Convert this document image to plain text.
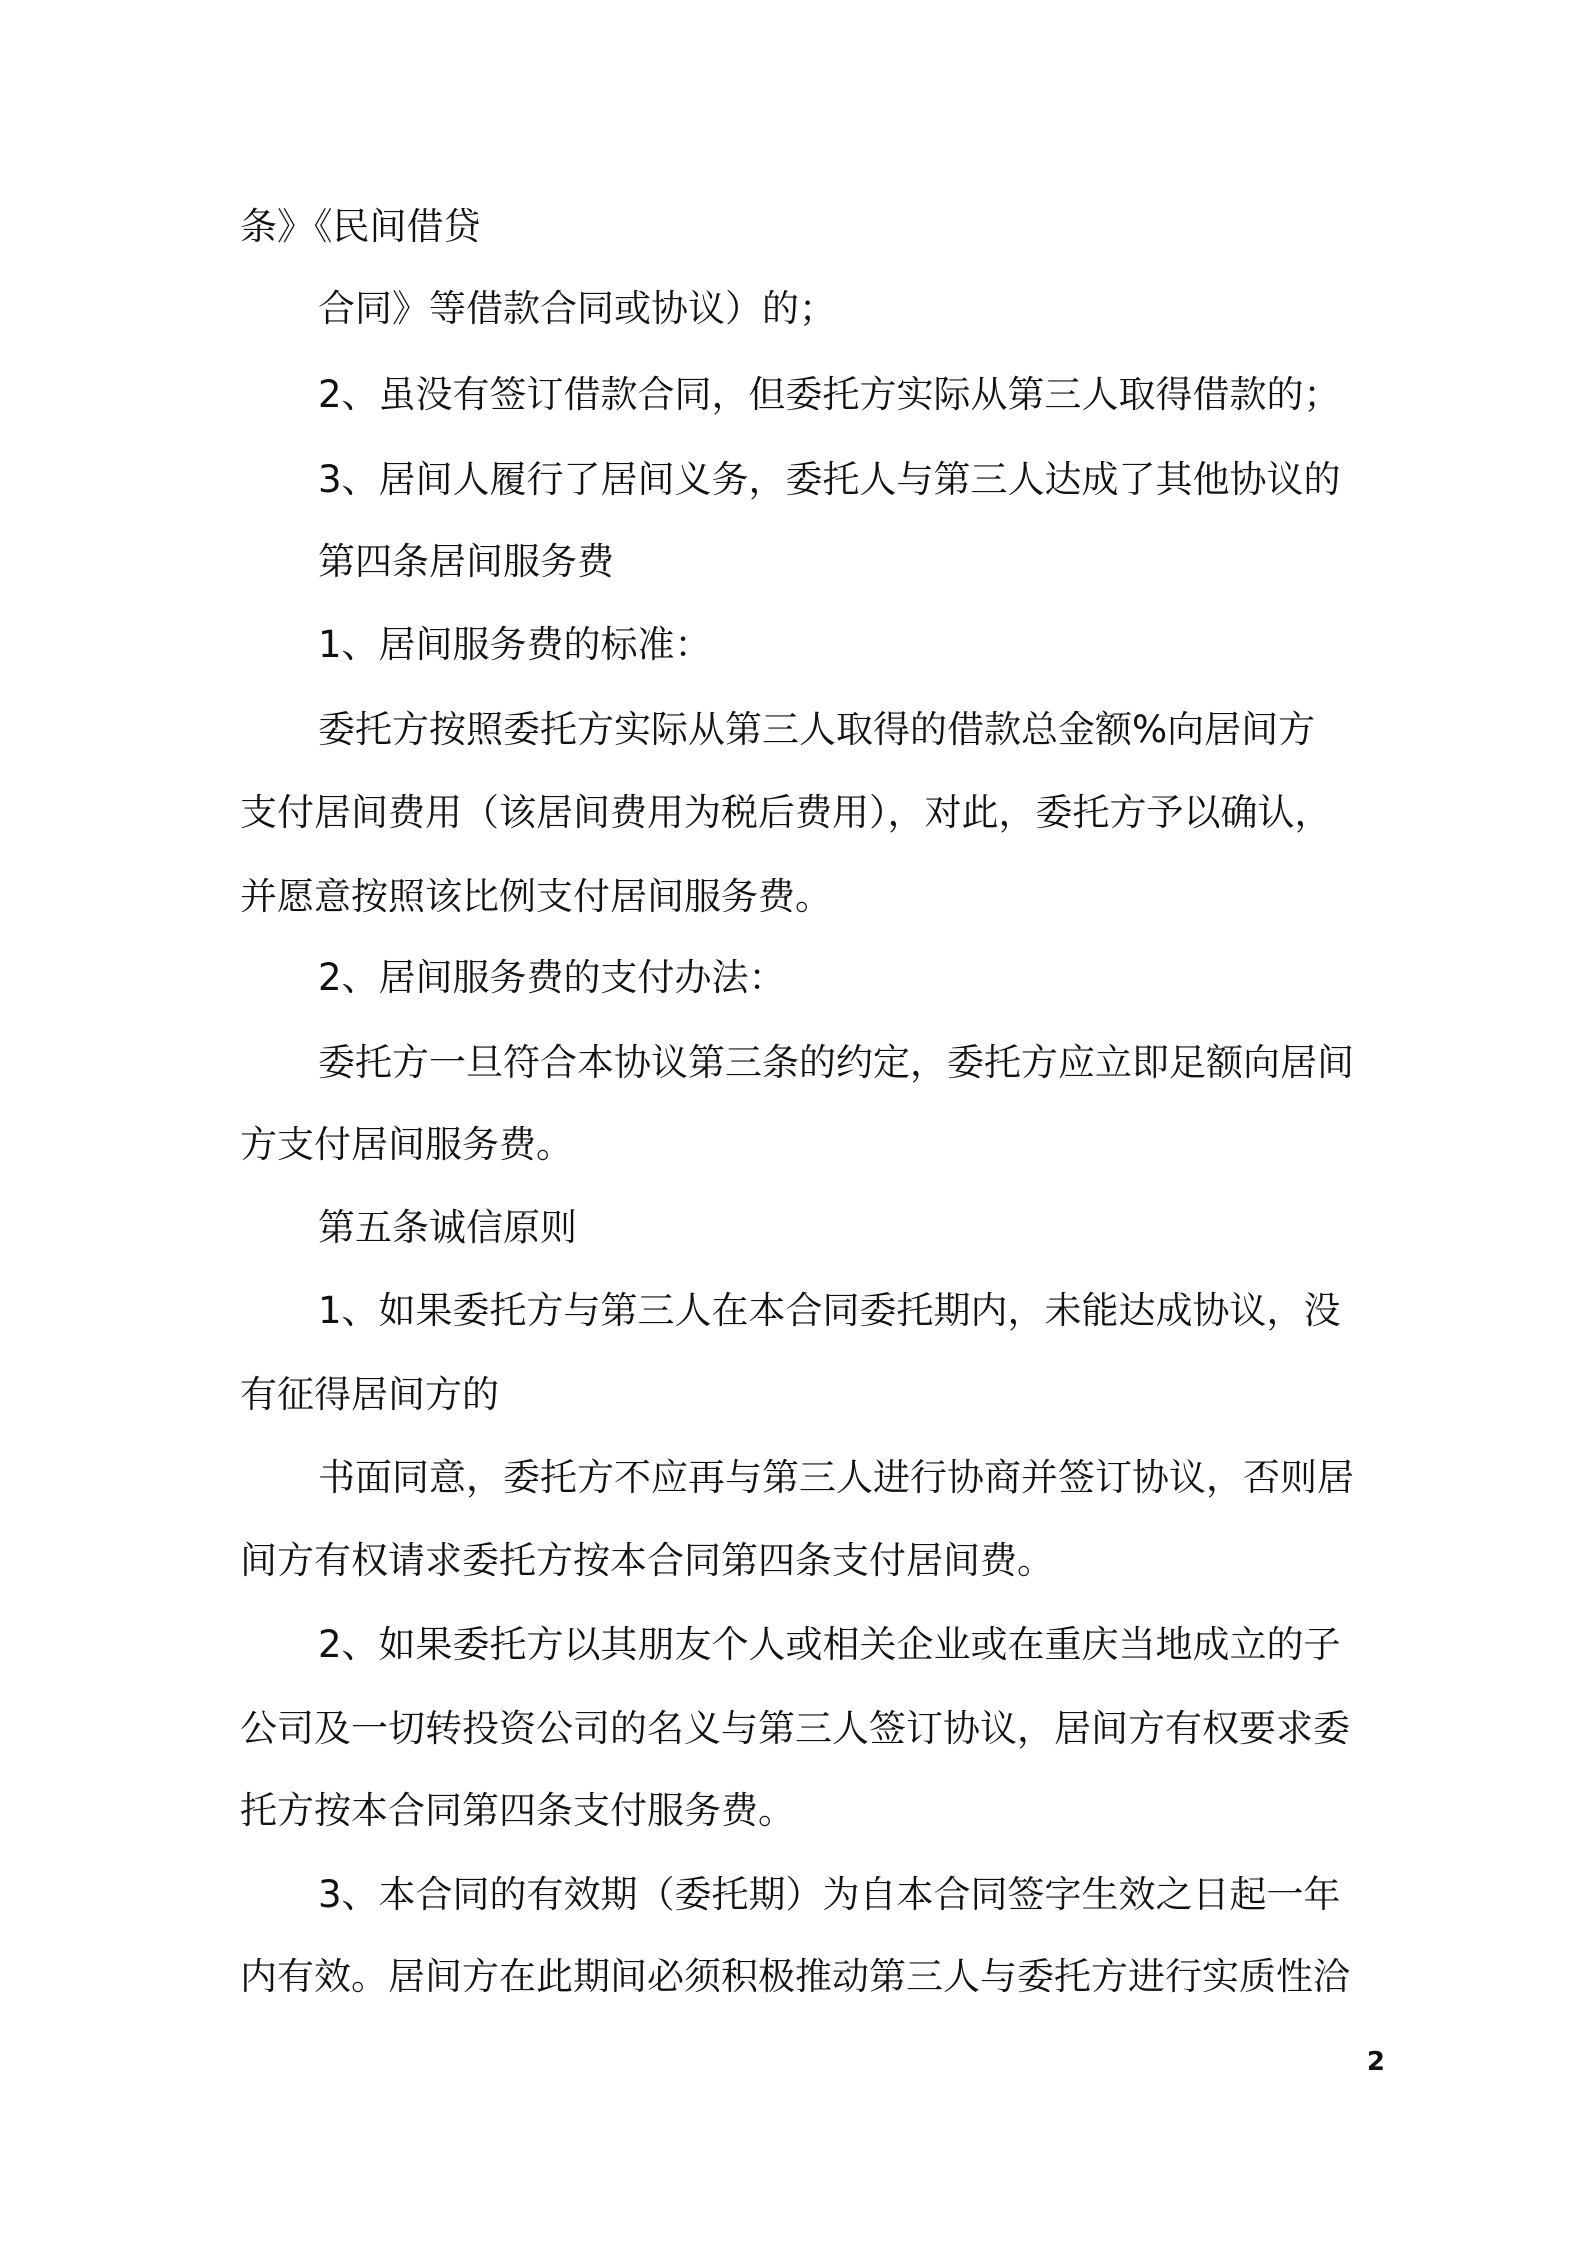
条》《民间借贷
合同》等借款合同或协议）的；
2、虽没有签订借款合同，但委托方实际从第三人取得借款的；
3、居间人履行了居间义务，委托人与第三人达成了其他协议的
第四条居间服务费
1、居间服务费的标准：
委托方按照委托方实际从第三人取得的借款总金额%向居间方
支付居间费用（该居间费用为税后费用），对此，委托方予以确认，
并愿意按照该比例支付居间服务费。
2、居间服务费的支付办法：
委托方一旦符合本协议第三条的约定，委托方应立即足额向居间
方支付居间服务费。
第五条诚信原则
1、如果委托方与第三人在本合同委托期内，未能达成协议，没
有征得居间方的
书面同意，委托方不应再与第三人进行协商并签订协议，否则居
间方有权请求委托方按本合同第四条支付居间费。
2、如果委托方以其朋友个人或相关企业或在重庆当地成立的子
公司及一切转投资公司的名义与第三人签订协议，居间方有权要求委
托方按本合同第四条支付服务费。
3、本合同的有效期（委托期）为自本合同签字生效之日起一年
内有效。居间方在此期间必须积极推动第三人与委托方进行实质性洽
2
